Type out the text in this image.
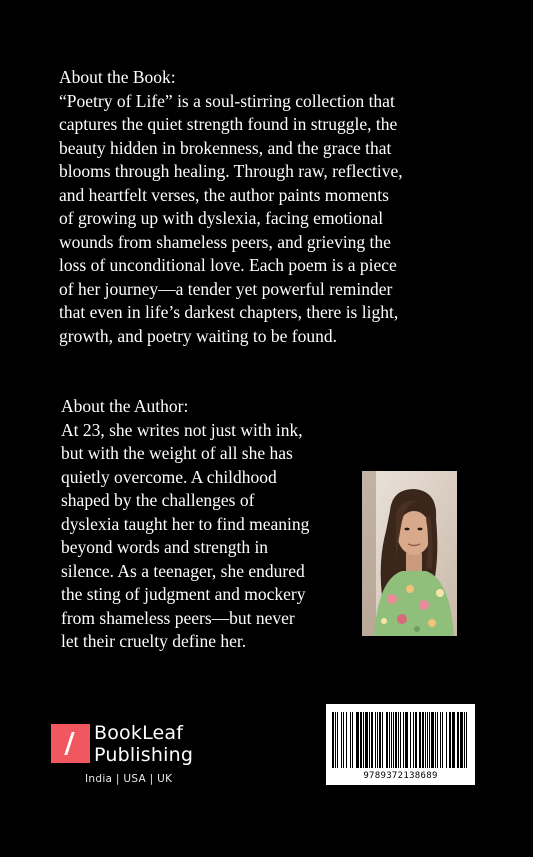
About the Book:

“Poetry of Life” is a soul-stirring collection that

captures the quiet strength found in struggle, the

beauty hidden in brokenness, and the grace that

blooms through healing. Through raw, reflective,

and heartfelt verses, the author paints moments

of growing up with dyslexia, facing emotional

wounds from shameless peers, and grieving the

loss of unconditional love. Each poem is a piece

of her journey—a tender yet powerful reminder

that even in life’s darkest chapters, there is light,

growth, and poetry waiting to be found.

About the Author:

At 23, she writes not just with ink,

but with the weight of all she has

quietly overcome. A childhood

shaped by the challenges of

dyslexia taught her to find meaning

beyond words and strength in

silence. As a teenager, she endured

the sting of judgment and mockery

from shameless peers—but never

let their cruelty define her.

BookLeaf
Publishing
India | USA | UK	9789372138689
